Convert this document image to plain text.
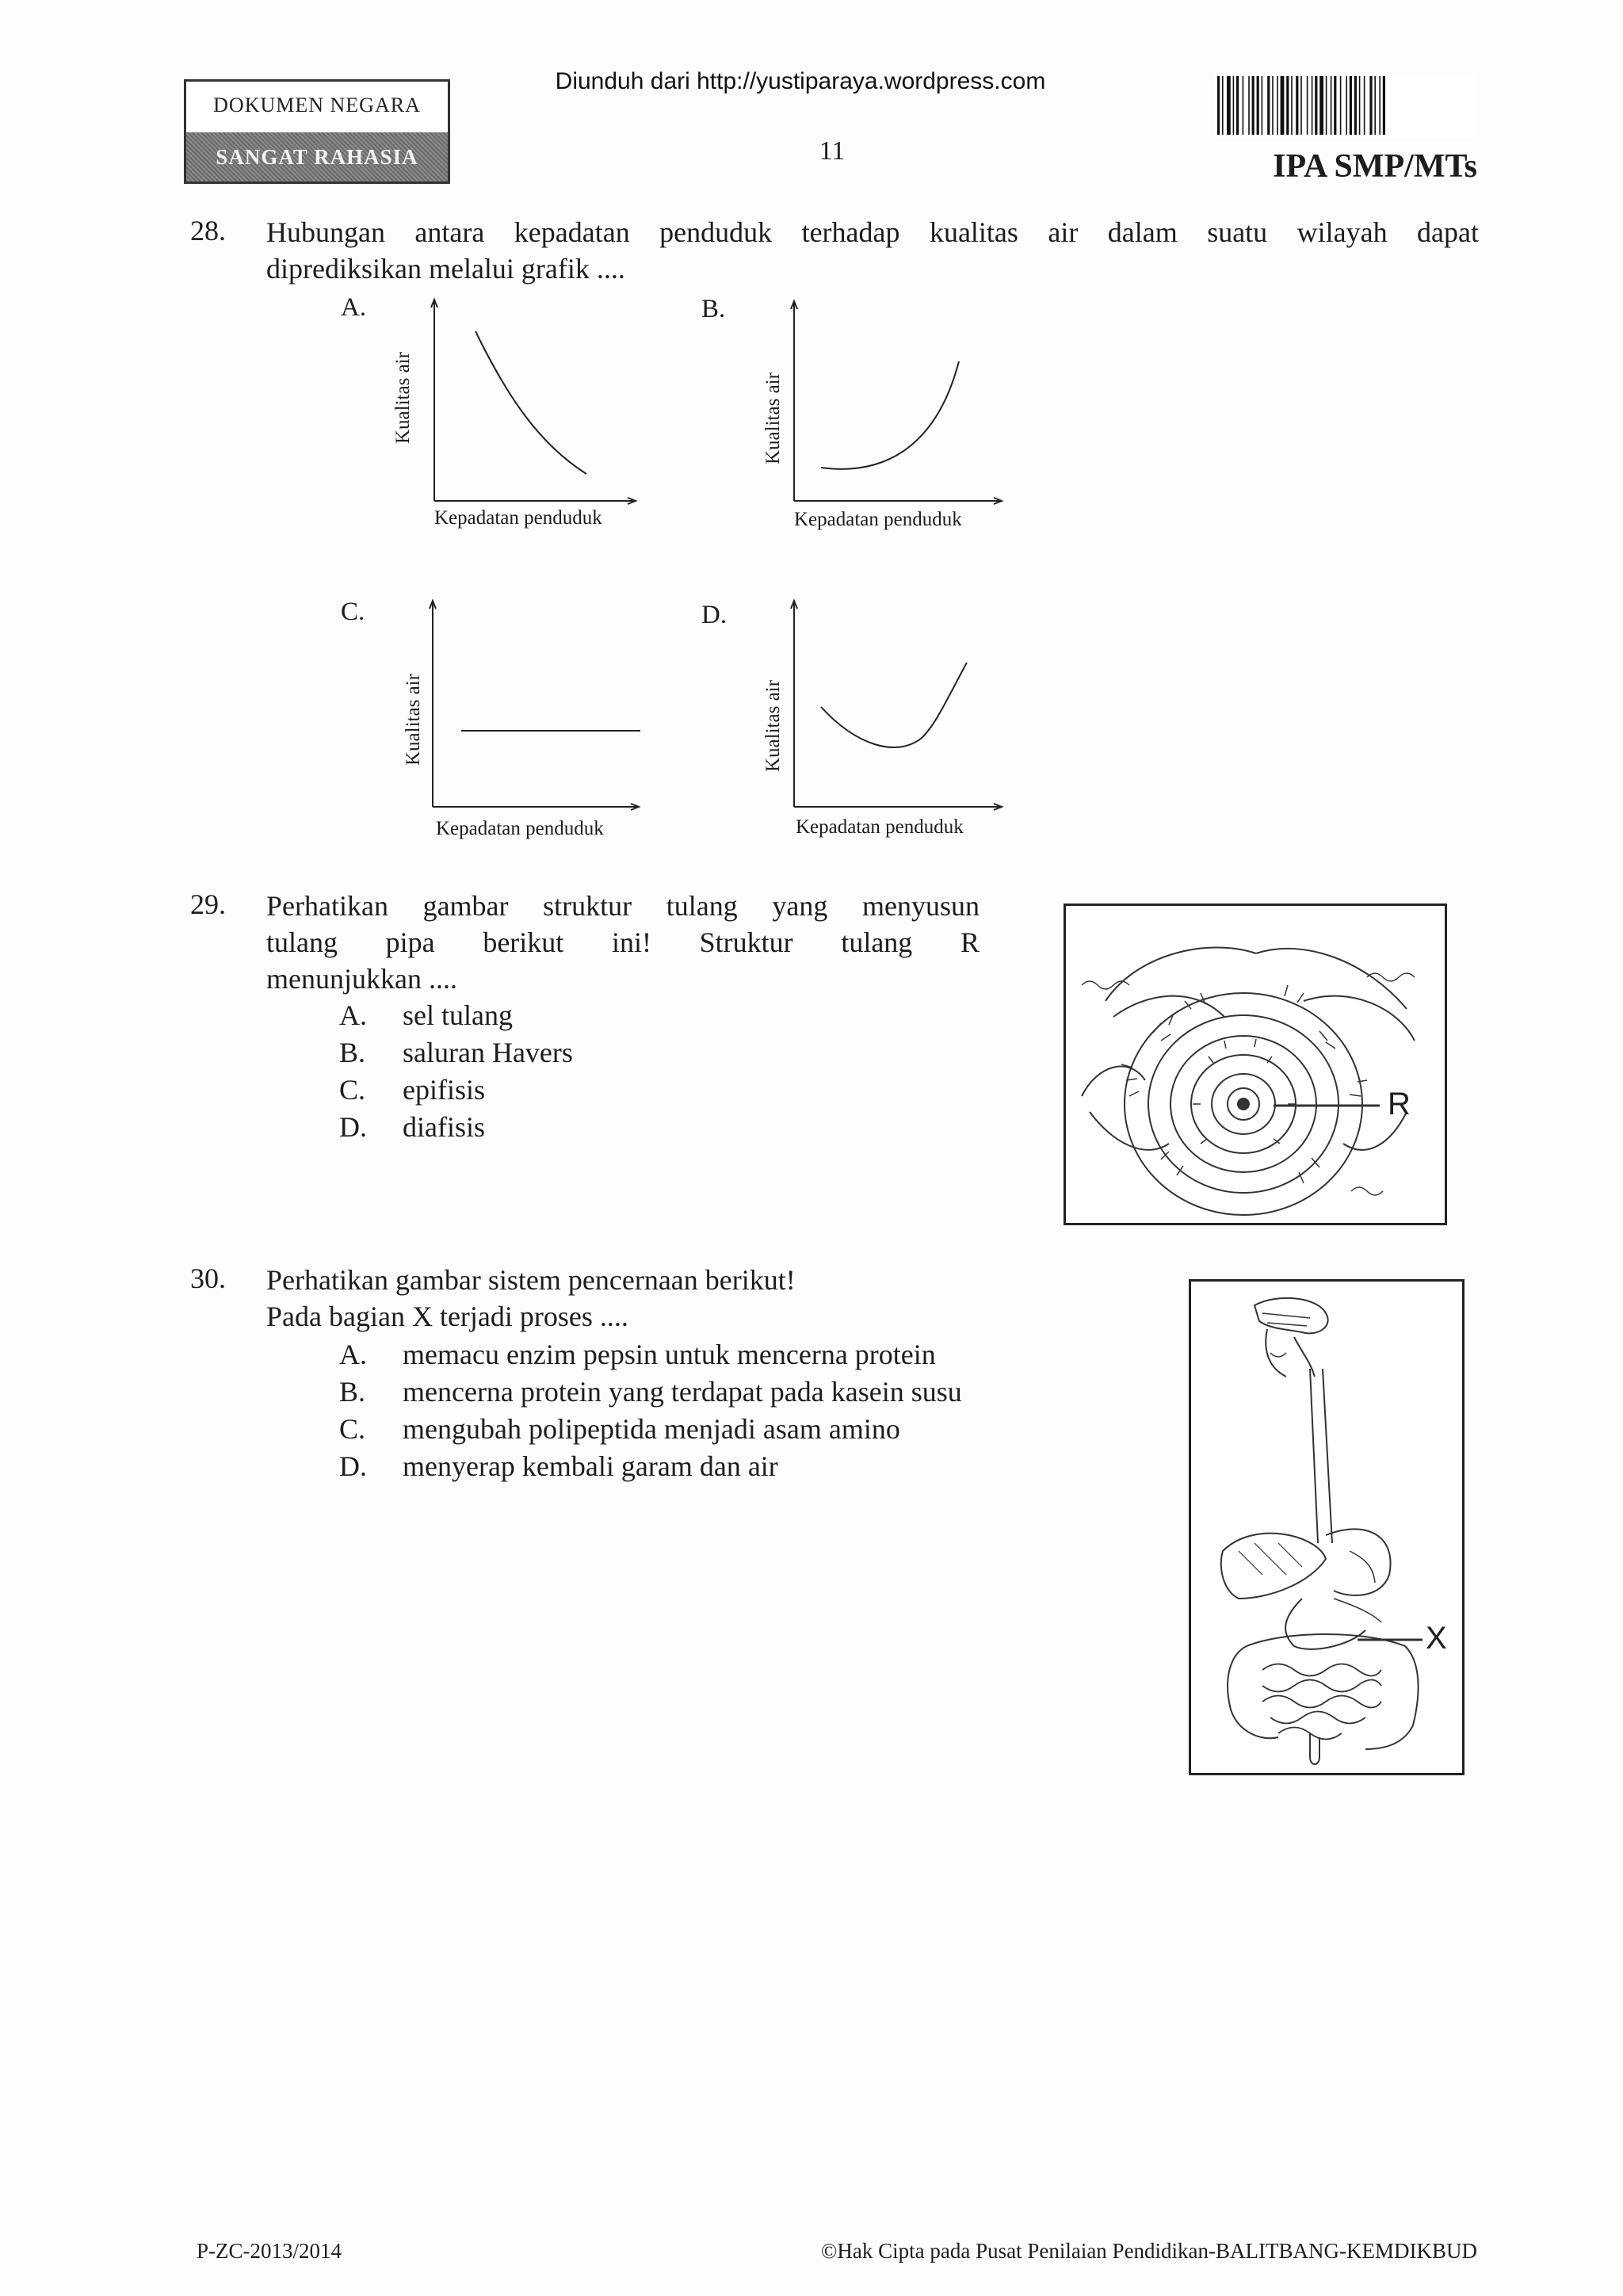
DOKUMEN NEGARA
SANGAT RAHASIA
Diunduh dari http://yustiparaya.wordpress.com
11	IPA SMP/MTs
28. Hubungan antara kepadatan penduduk terhadap kualitas air dalam suatu wilayah dapat
diprediksikan melalui grafik ....
A.
Kualitas air
Kepadatan penduduk
B.
Kualitas air
Kepadatan penduduk
C.
Kualitas air
Kepadatan penduduk
D.
Kualitas air
Kepadatan penduduk
29. Perhatikan gambar struktur tulang yang menyusun
tulang pipa berikut ini! Struktur tulang R
menunjukkan ....
A. sel tulang
B. saluran Havers
C. epifisis
D. diafisis
R
30. Perhatikan gambar sistem pencernaan berikut!
Pada bagian X terjadi proses ....
A. memacu enzim pepsin untuk mencerna protein
B. mencerna protein yang terdapat pada kasein susu
C. mengubah polipeptida menjadi asam amino
D. menyerap kembali garam dan air
X
P-ZC-2013/2014	©Hak Cipta pada Pusat Penilaian Pendidikan-BALITBANG-KEMDIKBUD
